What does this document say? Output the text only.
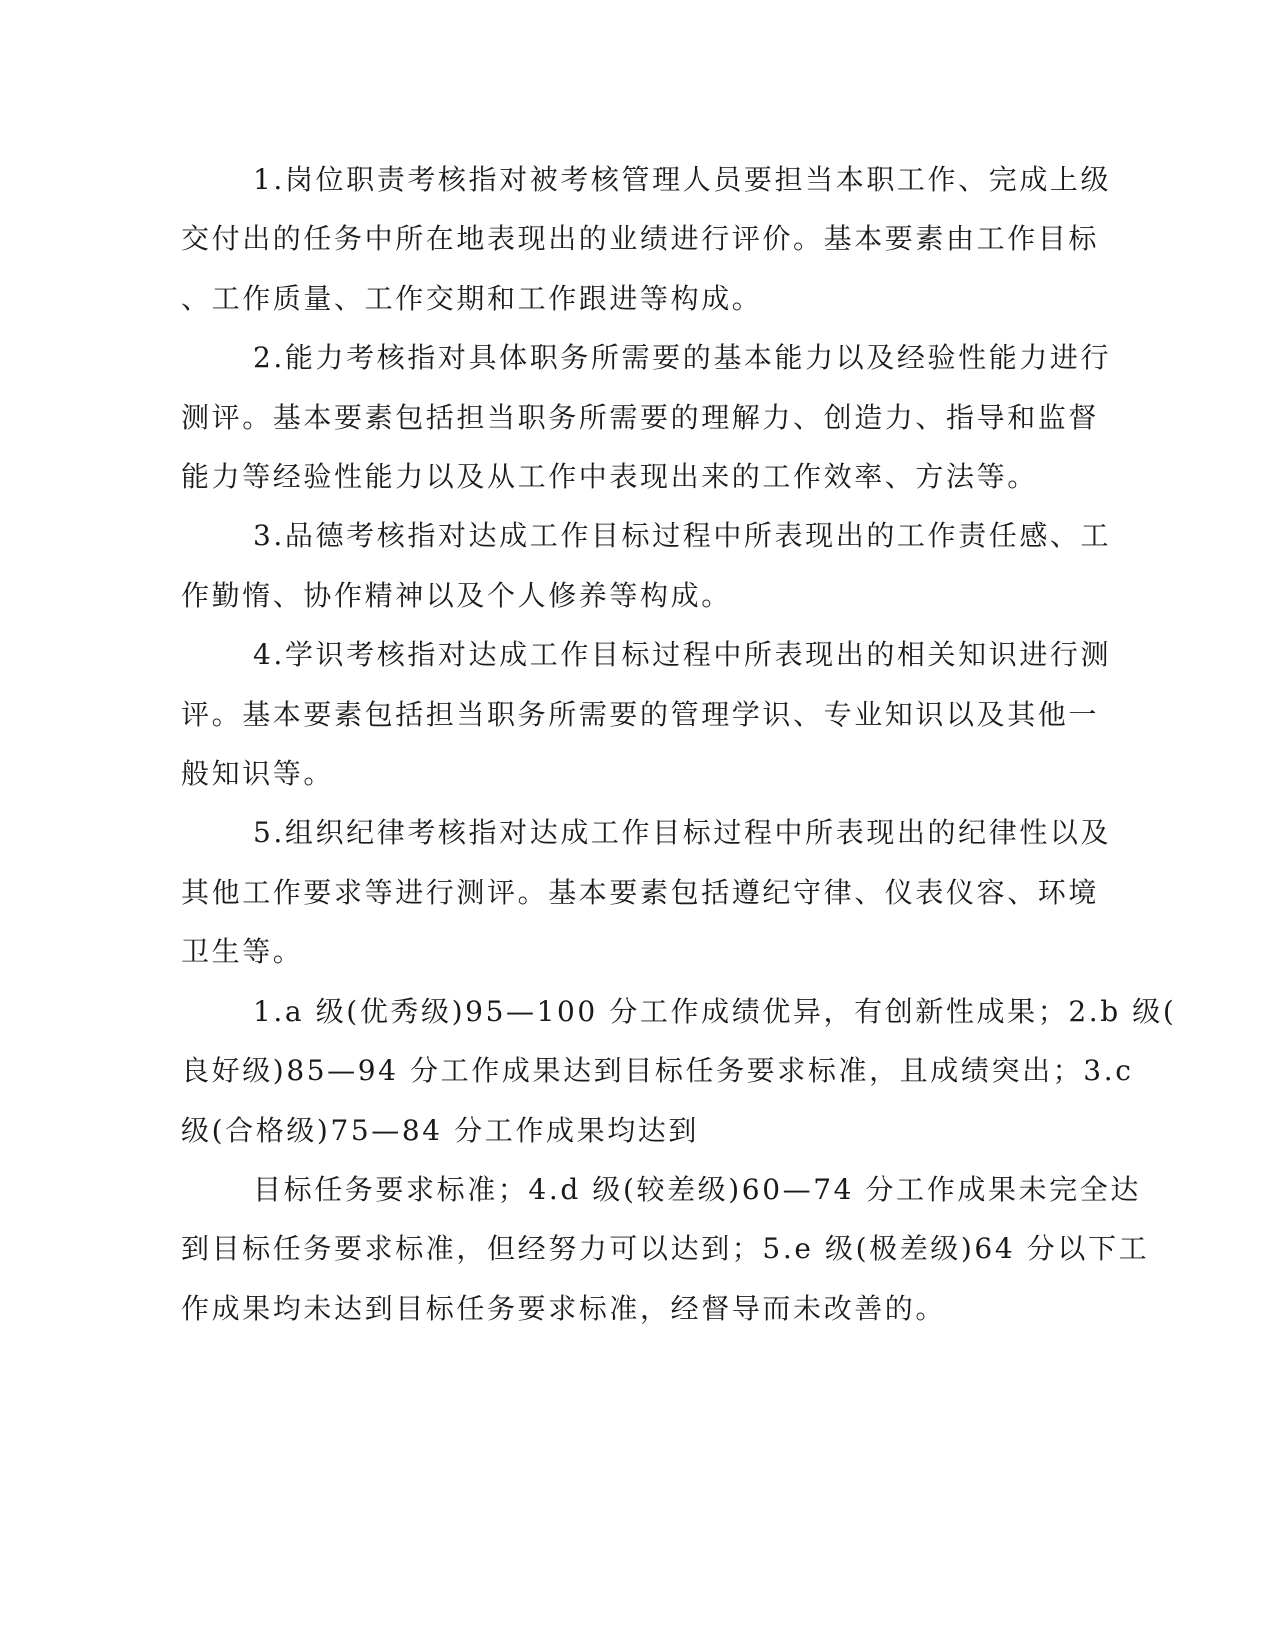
1.岗位职责考核指对被考核管理人员要担当本职工作、完成上级
交付出的任务中所在地表现出的业绩进行评价。基本要素由工作目标
、工作质量、工作交期和工作跟进等构成。

2.能力考核指对具体职务所需要的基本能力以及经验性能力进行
测评。基本要素包括担当职务所需要的理解力、创造力、指导和监督
能力等经验性能力以及从工作中表现出来的工作效率、方法等。

3.品德考核指对达成工作目标过程中所表现出的工作责任感、工
作勤惰、协作精神以及个人修养等构成。

4.学识考核指对达成工作目标过程中所表现出的相关知识进行测
评。基本要素包括担当职务所需要的管理学识、专业知识以及其他一
般知识等。

5.组织纪律考核指对达成工作目标过程中所表现出的纪律性以及
其他工作要求等进行测评。基本要素包括遵纪守律、仪表仪容、环境
卫生等。

1.a 级(优秀级)95—100 分工作成绩优异，有创新性成果；2.b 级(
良好级)85—94 分工作成果达到目标任务要求标准，且成绩突出；3.c
级(合格级)75—84 分工作成果均达到

目标任务要求标准；4.d 级(较差级)60—74 分工作成果未完全达
到目标任务要求标准，但经努力可以达到；5.e 级(极差级)64 分以下工
作成果均未达到目标任务要求标准，经督导而未改善的。
